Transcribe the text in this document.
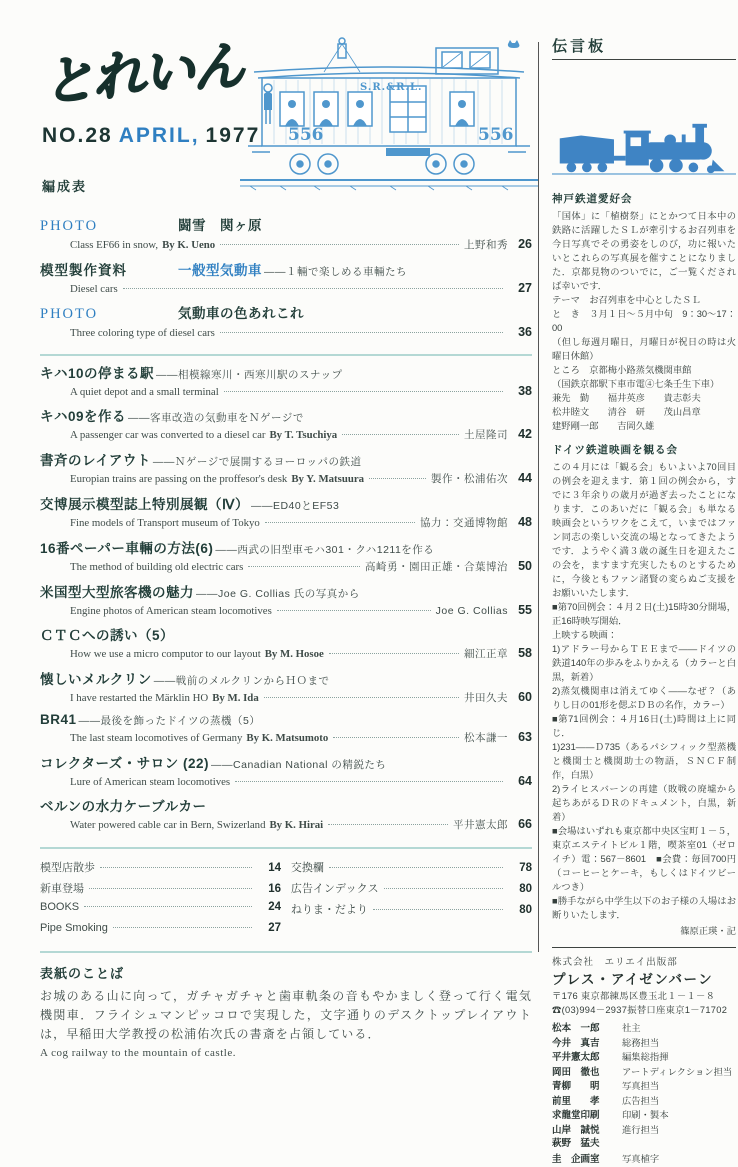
とれいん
NO.28 APRIL, 1977
編成表
S.R.&R.L.
556	556
PHOTO	闘雪　関ヶ原
Class EF66 in snow, By K. Ueno	上野和秀 26
模型製作資料	一般型気動車 ——１輛で楽しめる車輛たち
Diesel cars	27
PHOTO	気動車の色あれこれ
Three coloring type of diesel cars	36
キハ10の停まる駅 ——相模線寒川・西寒川駅のスナップ
A quiet depot and a small terminal	38
キハ09を作る ——客車改造の気動車をＮゲージで
A passenger car was converted to a diesel car By T. Tsuchiya	土屋隆司 42
書斉のレイアウト ——Ｎゲージで展開するヨーロッパの鉄道
Europian trains are passing on the proffesor's desk By Y. Matsuura	製作・松浦佑次 44
交博展示模型誌上特別展観（Ⅳ） ——ED40とEF53
Fine models of Transport museum of Tokyo	協力：交通博物館 48
16番ペーパー車輛の方法(6) ——西武の旧型車モハ301・クハ1211を作る
The method of building old electric cars	高崎勇・園田正雄・合葉博治 50
米国型大型旅客機の魅力 ——Joe G. Collias 氏の写真から
Engine photos of American steam locomotives	Joe G. Collias 55
ＣＴＣへの誘い（5）
How we use a micro computor to our layout By M. Hosoe	細江正章 58
懐しいメルクリン ——戦前のメルクリンからＨＯまで
I have restarted the Märklin HO By M. Ida	井田久夫 60
BR41 ——最後を飾ったドイツの蒸機（5）
The last steam locomotives of Germany By K. Matsumoto	松本謙一 63
コレクターズ・サロン (22) ——Canadian National の精鋭たち
Lure of American steam locomotives	64
ベルンの水力ケーブルカー
Water powered cable car in Bern, Swizerland By K. Hirai	平井憲太郎 66
模型店散歩	14
新車登場	16
BOOKS	24
Pipe Smoking	27
交換欄	78
広告インデックス	80
ねりま・だより	80
表紙のことば
お城のある山に向って，ガチャガチャと歯車軌条の音もやかましく登って行く電気機関車．フライシュマンピッコロで実現した，文字通りのデスクトップレイアウトは，早稲田大学教授の松浦佑次氏の書斎を占領している．
A cog railway to the mountain of castle.
伝言板
神戸鉄道愛好会
「国体」に「植樹祭」にとかつて日本中の鉄路に活躍したＳＬが牽引するお召列車を今日写真でその勇姿をしのび，功に報いたいとこれらの写真展を催すことになりました．京都見物のついでに，ご一覧くだされば幸いです．
テーマ　お召列車を中心としたＳＬ
と　き　３月１日～５月中旬　9：30～17：00
（但し毎週月曜日，月曜日が祝日の時は火曜日休館）
ところ　京都梅小路蒸気機関車館
（国鉄京都駅下車市電④七条壬生下車）
兼先　勤　　福井英彦　　貴志彰夫
松井睦文　　清谷　研　　茂山昌章
建野剛一郎　　吉岡久雄
ドイツ鉄道映画を観る会
この４月には「観る会」もいよいよ70回目の例会を迎えます．第１回の例会から，すでに３年余りの歳月が過ぎ去ったことになります．このあいだに「観る会」も単なる映画会というワクをこえて，いまではファン同志の楽しい交流の場となってきたようです．ようやく満３歳の誕生日を迎えたこの会を，ますます充実したものとするために，今後ともファン諸賢の変らぬご支援をお願いいたします．
■第70回例会：４月２日(土)15時30分開場，正16時映写開始．
上映する映画：
1)アドラー号からＴＥＥまで——ドイツの鉄道140年の歩みをふりかえる（カラーと白黒，新着）
2)蒸気機関車は消えてゆく——なぜ？（ありし日の01形を偲ぶＤＢの名作，カラー）
■第71回例会：４月16日(土)時間は上に同じ．
1)231——Ｄ735（あるパシフィック型蒸機と機関士と機関助士の物語，ＳＮＣＦ制作，白黒）
2)ライヒスバーンの再建（敗戦の廃墟から起ちあがるＤＲのドキュメント，白黒，新着）
■会場はいずれも東京都中央区宝町１－５，東京エステイトビル１階，喫茶室01（ゼロイチ）電：567－8601　■会費：毎回700円（コーヒーとケーキ，もしくはドイツビールつき）
■勝手ながら中学生以下のお子様の入場はお断りいたします．
篠原正瑛・記
株式会社　エリエイ出版部
プレス・アイゼンバーン
〒176 東京都練馬区豊玉北１－１－８
☎(03)994－2937振替口座東京1－71702
松本　一郎	社主
今井　真吉	総務担当
平井憲太郎	編集総指揮
岡田　徹也	アートディレクション担当
青柳　　明	写真担当
前里　　孝	広告担当
求龍堂印刷	印刷・製本
山岸　誠悦	進行担当
萩野　猛夫
圭　企画室	写真植字
